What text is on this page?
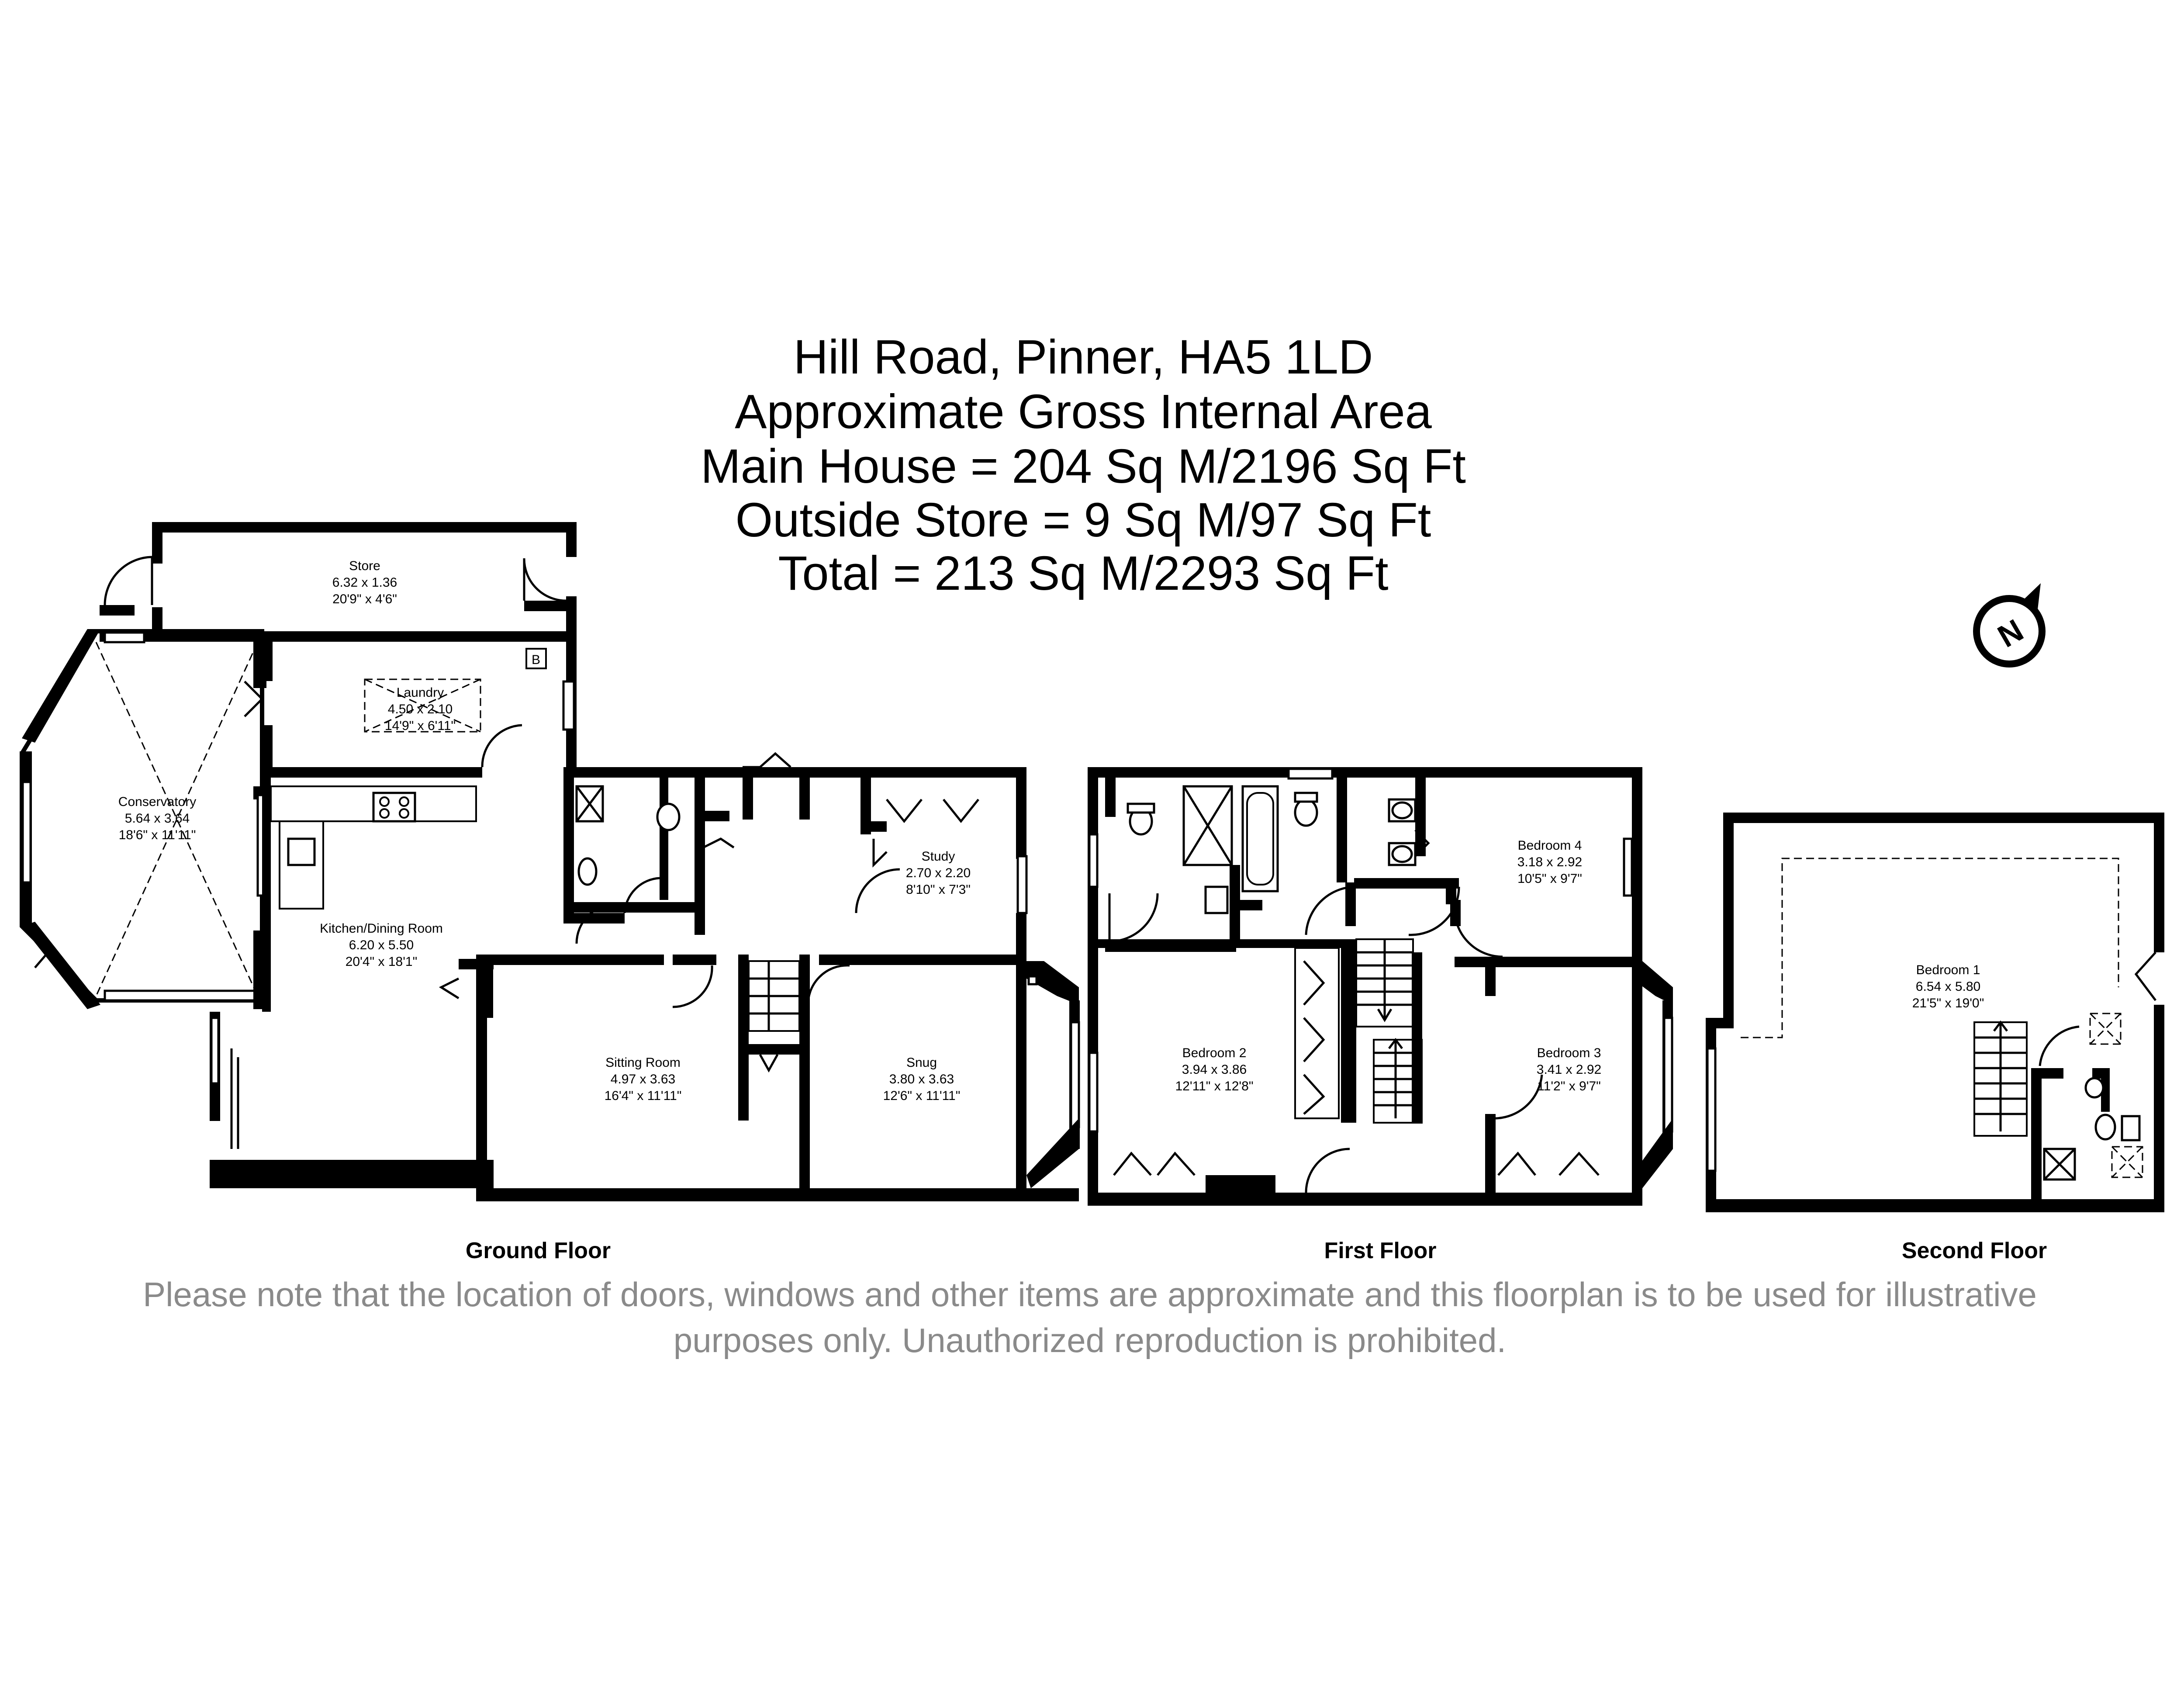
Hill Road, Pinner, HA5 1LD
Approximate Gross Internal Area
Main House = 204 Sq M/2196 Sq Ft
Outside Store = 9 Sq M/97 Sq Ft
Total = 213 Sq M/2293 Sq Ft
N
B
Store
6.32 x 1.36
20'9" x 4'6"
Laundry
4.50 x 2.10
14'9" x 6'11"
Conservatory
5.64 x 3.64
18'6" x 11'11"
Kitchen/Dining Room
6.20 x 5.50
20'4" x 18'1"
Study
2.70 x 2.20
8'10" x 7'3"
Sitting Room
4.97 x 3.63
16'4" x 11'11"
Snug
3.80 x 3.63
12'6" x 11'11"
Ground Floor
Bedroom 4
3.18 x 2.92
10'5" x 9'7"
Bedroom 2
3.94 x 3.86
12'11" x 12'8"
Bedroom 3
3.41 x 2.92
11'2" x 9'7"
First Floor
Bedroom 1
6.54 x 5.80
21'5" x 19'0"
Second Floor
Please note that the location of doors, windows and other items are approximate and this floorplan is to be used for illustrative
purposes only. Unauthorized reproduction is prohibited.
